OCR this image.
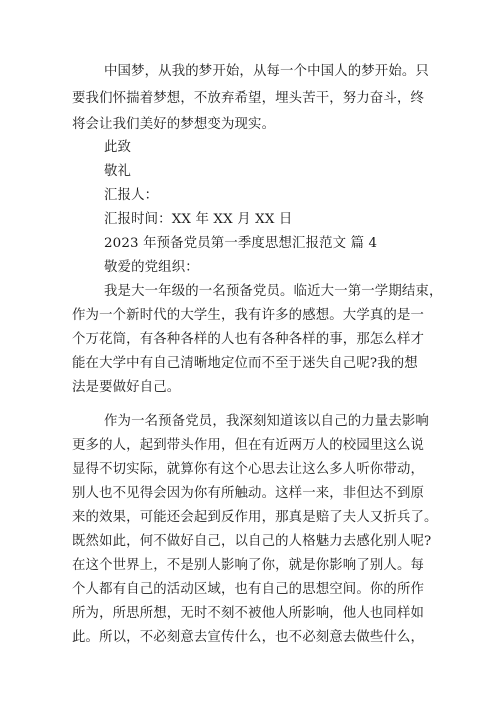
中国梦，从我的梦开始，从每一个中国人的梦开始。只
要我们怀揣着梦想，不放弃希望，埋头苦干，努力奋斗，终
将会让我们美好的梦想变为现实。
此致
敬礼
汇报人：
汇报时间：XX 年 XX 月 XX 日
2023 年预备党员第一季度思想汇报范文 篇 4
敬爱的党组织：
我是大一年级的一名预备党员。临近大一第一学期结束，
作为一个新时代的大学生，我有许多的感想。大学真的是一
个万花筒，有各种各样的人也有各种各样的事，那怎么样才
能在大学中有自己清晰地定位而不至于迷失自己呢?我的想
法是要做好自己。
作为一名预备党员，我深刻知道该以自己的力量去影响
更多的人，起到带头作用，但在有近两万人的校园里这么说
显得不切实际，就算你有这个心思去让这么多人听你带动，
别人也不见得会因为你有所触动。这样一来，非但达不到原
来的效果，可能还会起到反作用，那真是赔了夫人又折兵了。
既然如此，何不做好自己，以自己的人格魅力去感化别人呢?
在这个世界上，不是别人影响了你，就是你影响了别人。每
个人都有自己的活动区域，也有自己的思想空间。你的所作
所为，所思所想，无时不刻不被他人所影响，他人也同样如
此。所以，不必刻意去宣传什么，也不必刻意去做些什么，
